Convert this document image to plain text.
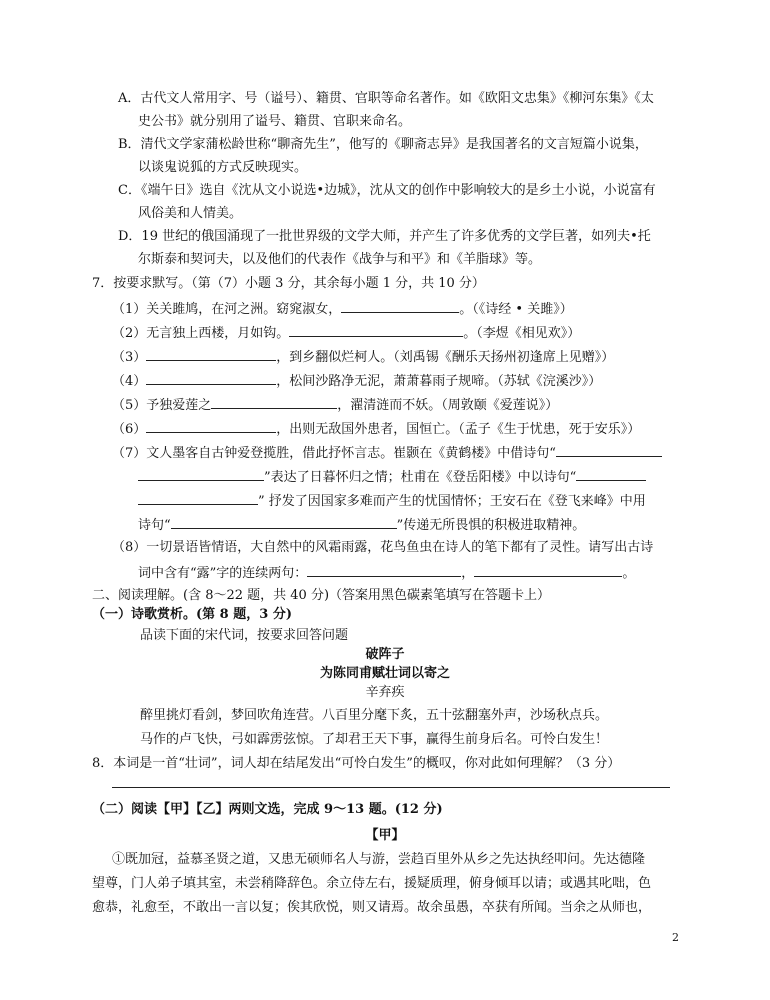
A．古代文人常用字、号（谥号）、籍贯、官职等命名著作。如《欧阳文忠集》《柳河东集》《太
史公书》就分别用了谥号、籍贯、官职来命名。
B．清代文学家蒲松龄世称“聊斋先生”，他写的《聊斋志异》是我国著名的文言短篇小说集，
以谈鬼说狐的方式反映现实。
C．《端午日》选自《沈从文小说选•边城》，沈从文的创作中影响较大的是乡土小说，小说富有
风俗美和人情美。
D．19 世纪的俄国涌现了一批世界级的文学大师，并产生了许多优秀的文学巨著，如列夫•托
尔斯泰和契诃夫，以及他们的代表作《战争与和平》和《羊脂球》等。
7．按要求默写。（第（7）小题 3 分，其余每小题 1 分，共 10 分）
（1）关关雎鸠，在河之洲。窈窕淑女，	。（《诗经 • 关雎》）
（2）无言独上西楼，月如钩。	。（李煜《相见欢》）
（3）	，到乡翻似烂柯人。（刘禹锡《酬乐天扬州初逢席上见赠》）
（4）	，松间沙路净无泥，萧萧暮雨子规啼。（苏轼《浣溪沙》）
（5）予独爱莲之	，濯清涟而不妖。（周敦颐《爱莲说》）
（6）	，出则无敌国外患者，国恒亡。（孟子《生于忧患，死于安乐》）
（7）文人墨客自古钟爱登揽胜，借此抒怀言志。崔颢在《黄鹤楼》中借诗句“
”表达了日暮怀归之情；杜甫在《登岳阳楼》中以诗句“
” 抒发了因国家多难而产生的忧国情怀；王安石在《登飞来峰》中用
诗句“	”传递无所畏惧的积极进取精神。
（8）一切景语皆情语，大自然中的风霜雨露，花鸟鱼虫在诗人的笔下都有了灵性。请写出古诗
词中含有“露”字的连续两句：	，	。
二、阅读理解。(含 8～22 题，共 40 分)（答案用黑色碳素笔填写在答题卡上）
（一）诗歌赏析。(第 8 题，3 分)
品读下面的宋代词，按要求回答问题
破阵子
为陈同甫赋壮词以寄之
辛弃疾
醉里挑灯看剑，梦回吹角连营。八百里分麾下炙，五十弦翻塞外声，沙场秋点兵。
马作的卢飞快，弓如霹雳弦惊。了却君王天下事，赢得生前身后名。可怜白发生！
8．本词是一首“壮词”，词人却在结尾发出“可怜白发生”的概叹，你对此如何理解？（3 分）
（二）阅读【甲】【乙】两则文选，完成 9～13 题。(12 分)
【甲】
①既加冠，益慕圣贤之道，又患无硕师名人与游，尝趋百里外从乡之先达执经叩问。先达德隆
望尊，门人弟子填其室，未尝稍降辞色。余立侍左右，援疑质理，俯身倾耳以请；或遇其叱咄，色
愈恭，礼愈至，不敢出一言以复；俟其欣悦，则又请焉。故余虽愚，卒获有所闻。当余之从师也，
2
